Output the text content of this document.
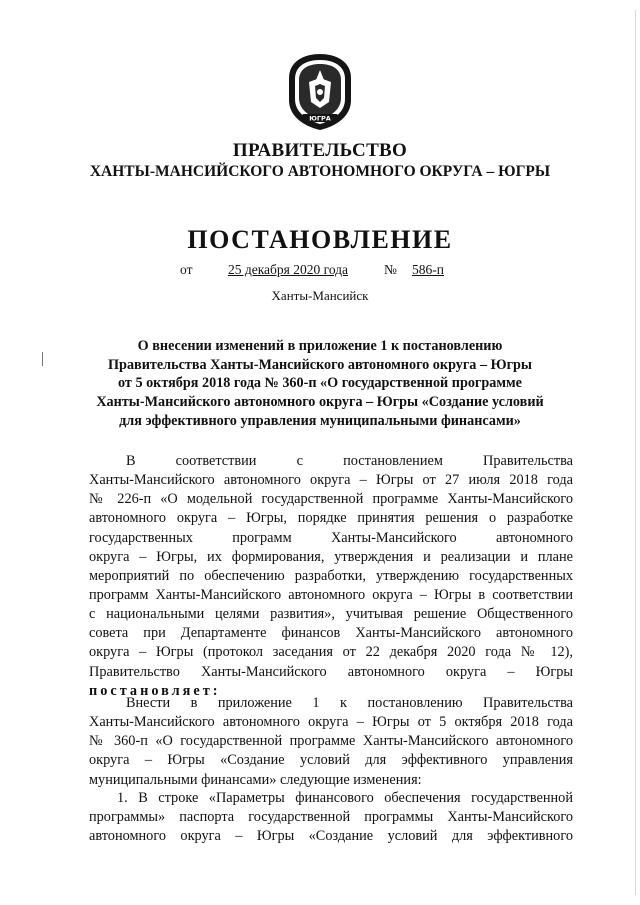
ЮГРА
ПРАВИТЕЛЬСТВО
ХАНТЫ-МАНСИЙСКОГО АВТОНОМНОГО ОКРУГА – ЮГРЫ
ПОСТАНОВЛЕНИЕ
от	25 декабря 2020 года	№	586-п
Ханты-Мансийск
О внесении изменений в приложение 1 к постановлению
Правительства Ханты-Мансийского автономного округа – Югры
от 5 октября 2018 года № 360-п «О государственной программе
Ханты-Мансийского автономного округа – Югры «Создание условий
для эффективного управления муниципальными финансами»
В соответствии с постановлением Правительства
Ханты-Мансийского автономного округа – Югры от 27 июля 2018 года
№ 226-п «О модельной государственной программе Ханты-Мансийского
автономного округа – Югры, порядке принятия решения о разработке
государственных программ Ханты-Мансийского автономного
округа – Югры, их формирования, утверждения и реализации и плане
мероприятий по обеспечению разработки, утверждению государственных
программ Ханты-Мансийского автономного округа – Югры в соответствии
с национальными целями развития», учитывая решение Общественного
совета при Департаменте финансов Ханты-Мансийского автономного
округа – Югры (протокол заседания от 22 декабря 2020 года № 12),
Правительство Ханты-Мансийского автономного округа – Югры
постановляет:
Внести в приложение 1 к постановлению Правительства
Ханты-Мансийского автономного округа – Югры от 5 октября 2018 года
№ 360-п «О государственной программе Ханты-Мансийского автономного
округа – Югры «Создание условий для эффективного управления
муниципальными финансами» следующие изменения:
1. В строке «Параметры финансового обеспечения государственной
программы» паспорта государственной программы Ханты-Мансийского
автономного округа – Югры «Создание условий для эффективного
